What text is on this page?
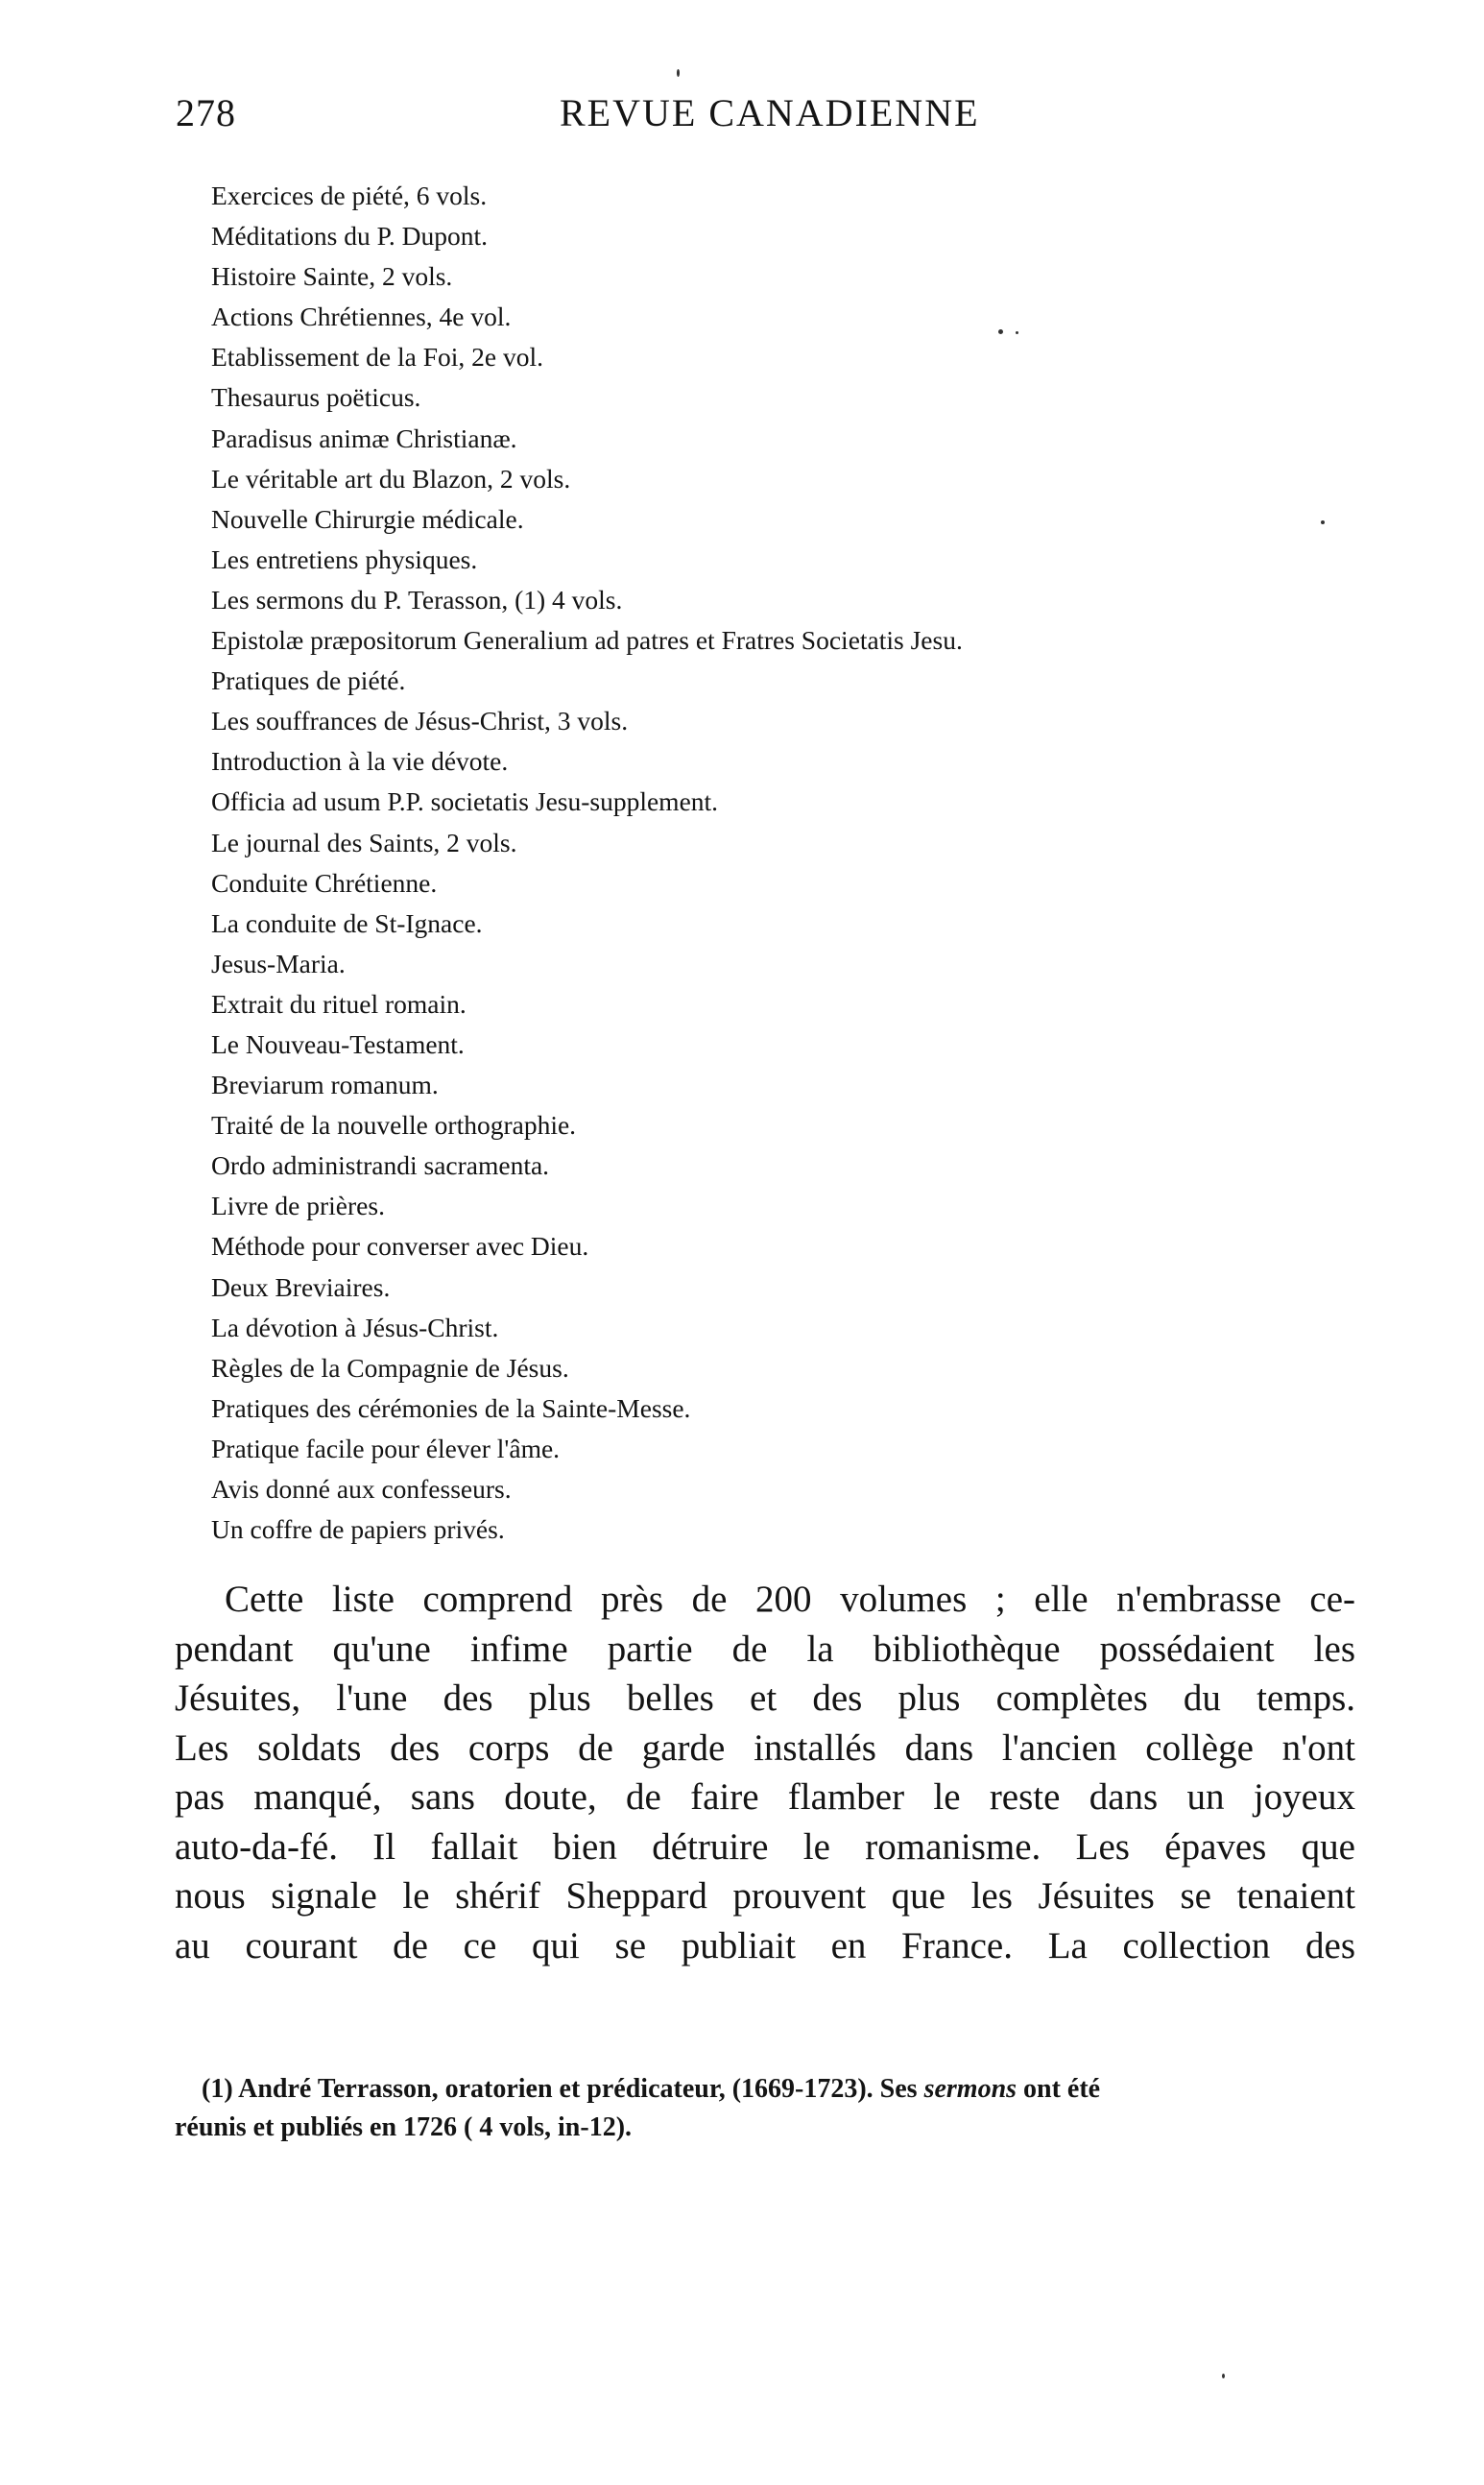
278	REVUE CANADIENNE
Exercices de piété, 6 vols.
Méditations du P. Dupont.
Histoire Sainte, 2 vols.
Actions Chrétiennes, 4e vol.
Etablissement de la Foi, 2e vol.
Thesaurus poëticus.
Paradisus animæ Christianæ.
Le véritable art du Blazon, 2 vols.
Nouvelle Chirurgie médicale.
Les entretiens physiques.
Les sermons du P. Terasson, (1) 4 vols.
Epistolæ præpositorum Generalium ad patres et Fratres Societatis Jesu.
Pratiques de piété.
Les souffrances de Jésus-Christ, 3 vols.
Introduction à la vie dévote.
Officia ad usum P.P. societatis Jesu-supplement.
Le journal des Saints, 2 vols.
Conduite Chrétienne.
La conduite de St-Ignace.
Jesus-Maria.
Extrait du rituel romain.
Le Nouveau-Testament.
Breviarum romanum.
Traité de la nouvelle orthographie.
Ordo administrandi sacramenta.
Livre de prières.
Méthode pour converser avec Dieu.
Deux Breviaires.
La dévotion à Jésus-Christ.
Règles de la Compagnie de Jésus.
Pratiques des cérémonies de la Sainte-Messe.
Pratique facile pour élever l'âme.
Avis donné aux confesseurs.
Un coffre de papiers privés.

Cette liste comprend près de 200 volumes ; elle n'embrasse ce-
pendant qu'une infime partie de la bibliothèque possédaient les
Jésuites, l'une des plus belles et des plus complètes du temps.
Les soldats des corps de garde installés dans l'ancien collège n'ont
pas manqué, sans doute, de faire flamber le reste dans un joyeux
auto-da-fé. Il fallait bien détruire le romanisme. Les épaves que
nous signale le shérif Sheppard prouvent que les Jésuites se tenaient
au courant de ce qui se publiait en France. La collection des

(1) André Terrasson, oratorien et prédicateur, (1669-1723). Ses sermons ont été
réunis et publiés en 1726 ( 4 vols, in-12).
